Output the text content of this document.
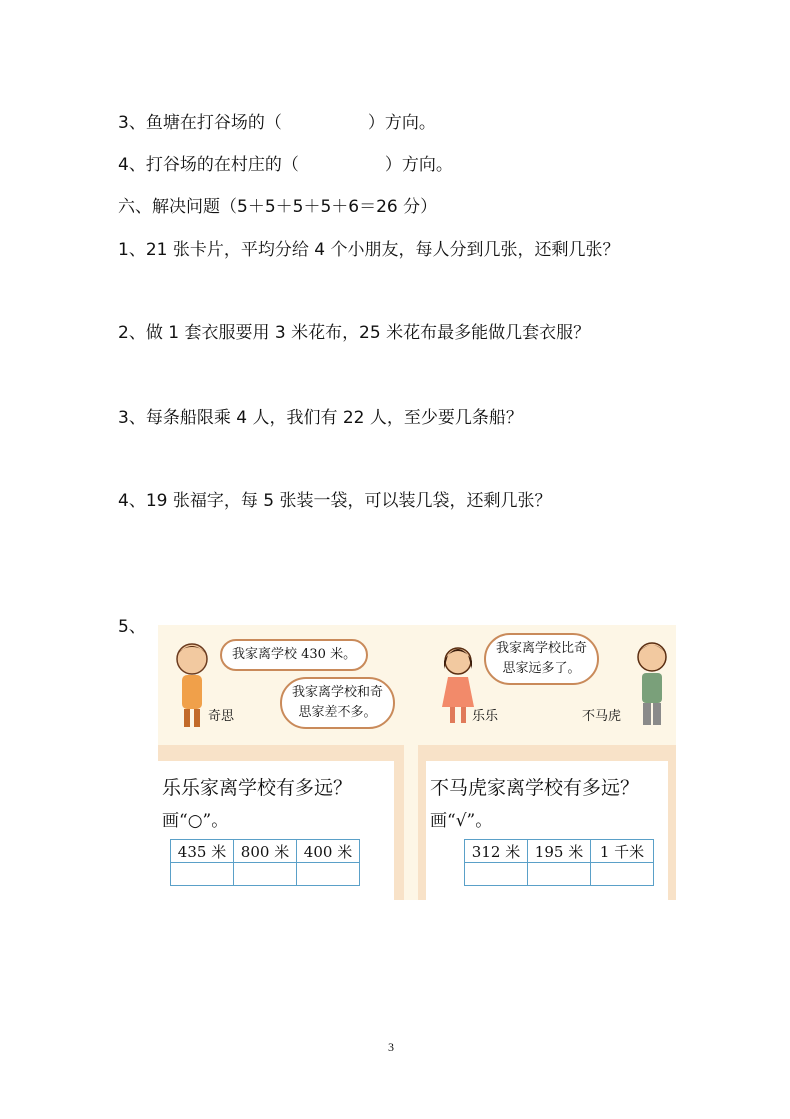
3、鱼塘在打谷场的（	）方向。
4、打谷场的在村庄的（	）方向。
六、解决问题（5＋5＋5＋5＋6＝26 分）
1、21 张卡片，平均分给 4 个小朋友，每人分到几张，还剩几张？
2、做 1 套衣服要用 3 米花布，25 米花布最多能做几套衣服？
3、每条船限乘 4 人，我们有 22 人，至少要几条船？
4、19 张福字，每 5 张装一袋，可以装几袋，还剩几张？
5、
我家离学校 430 米。
我家离学校和奇
思家差不多。
我家离学校比奇
思家远多了。
奇思	乐乐	不马虎
乐乐家离学校有多远？
画“○”。
435 米	800 米	400 米

不马虎家离学校有多远？
画“√”。
312 米	195 米	1 千米

3
